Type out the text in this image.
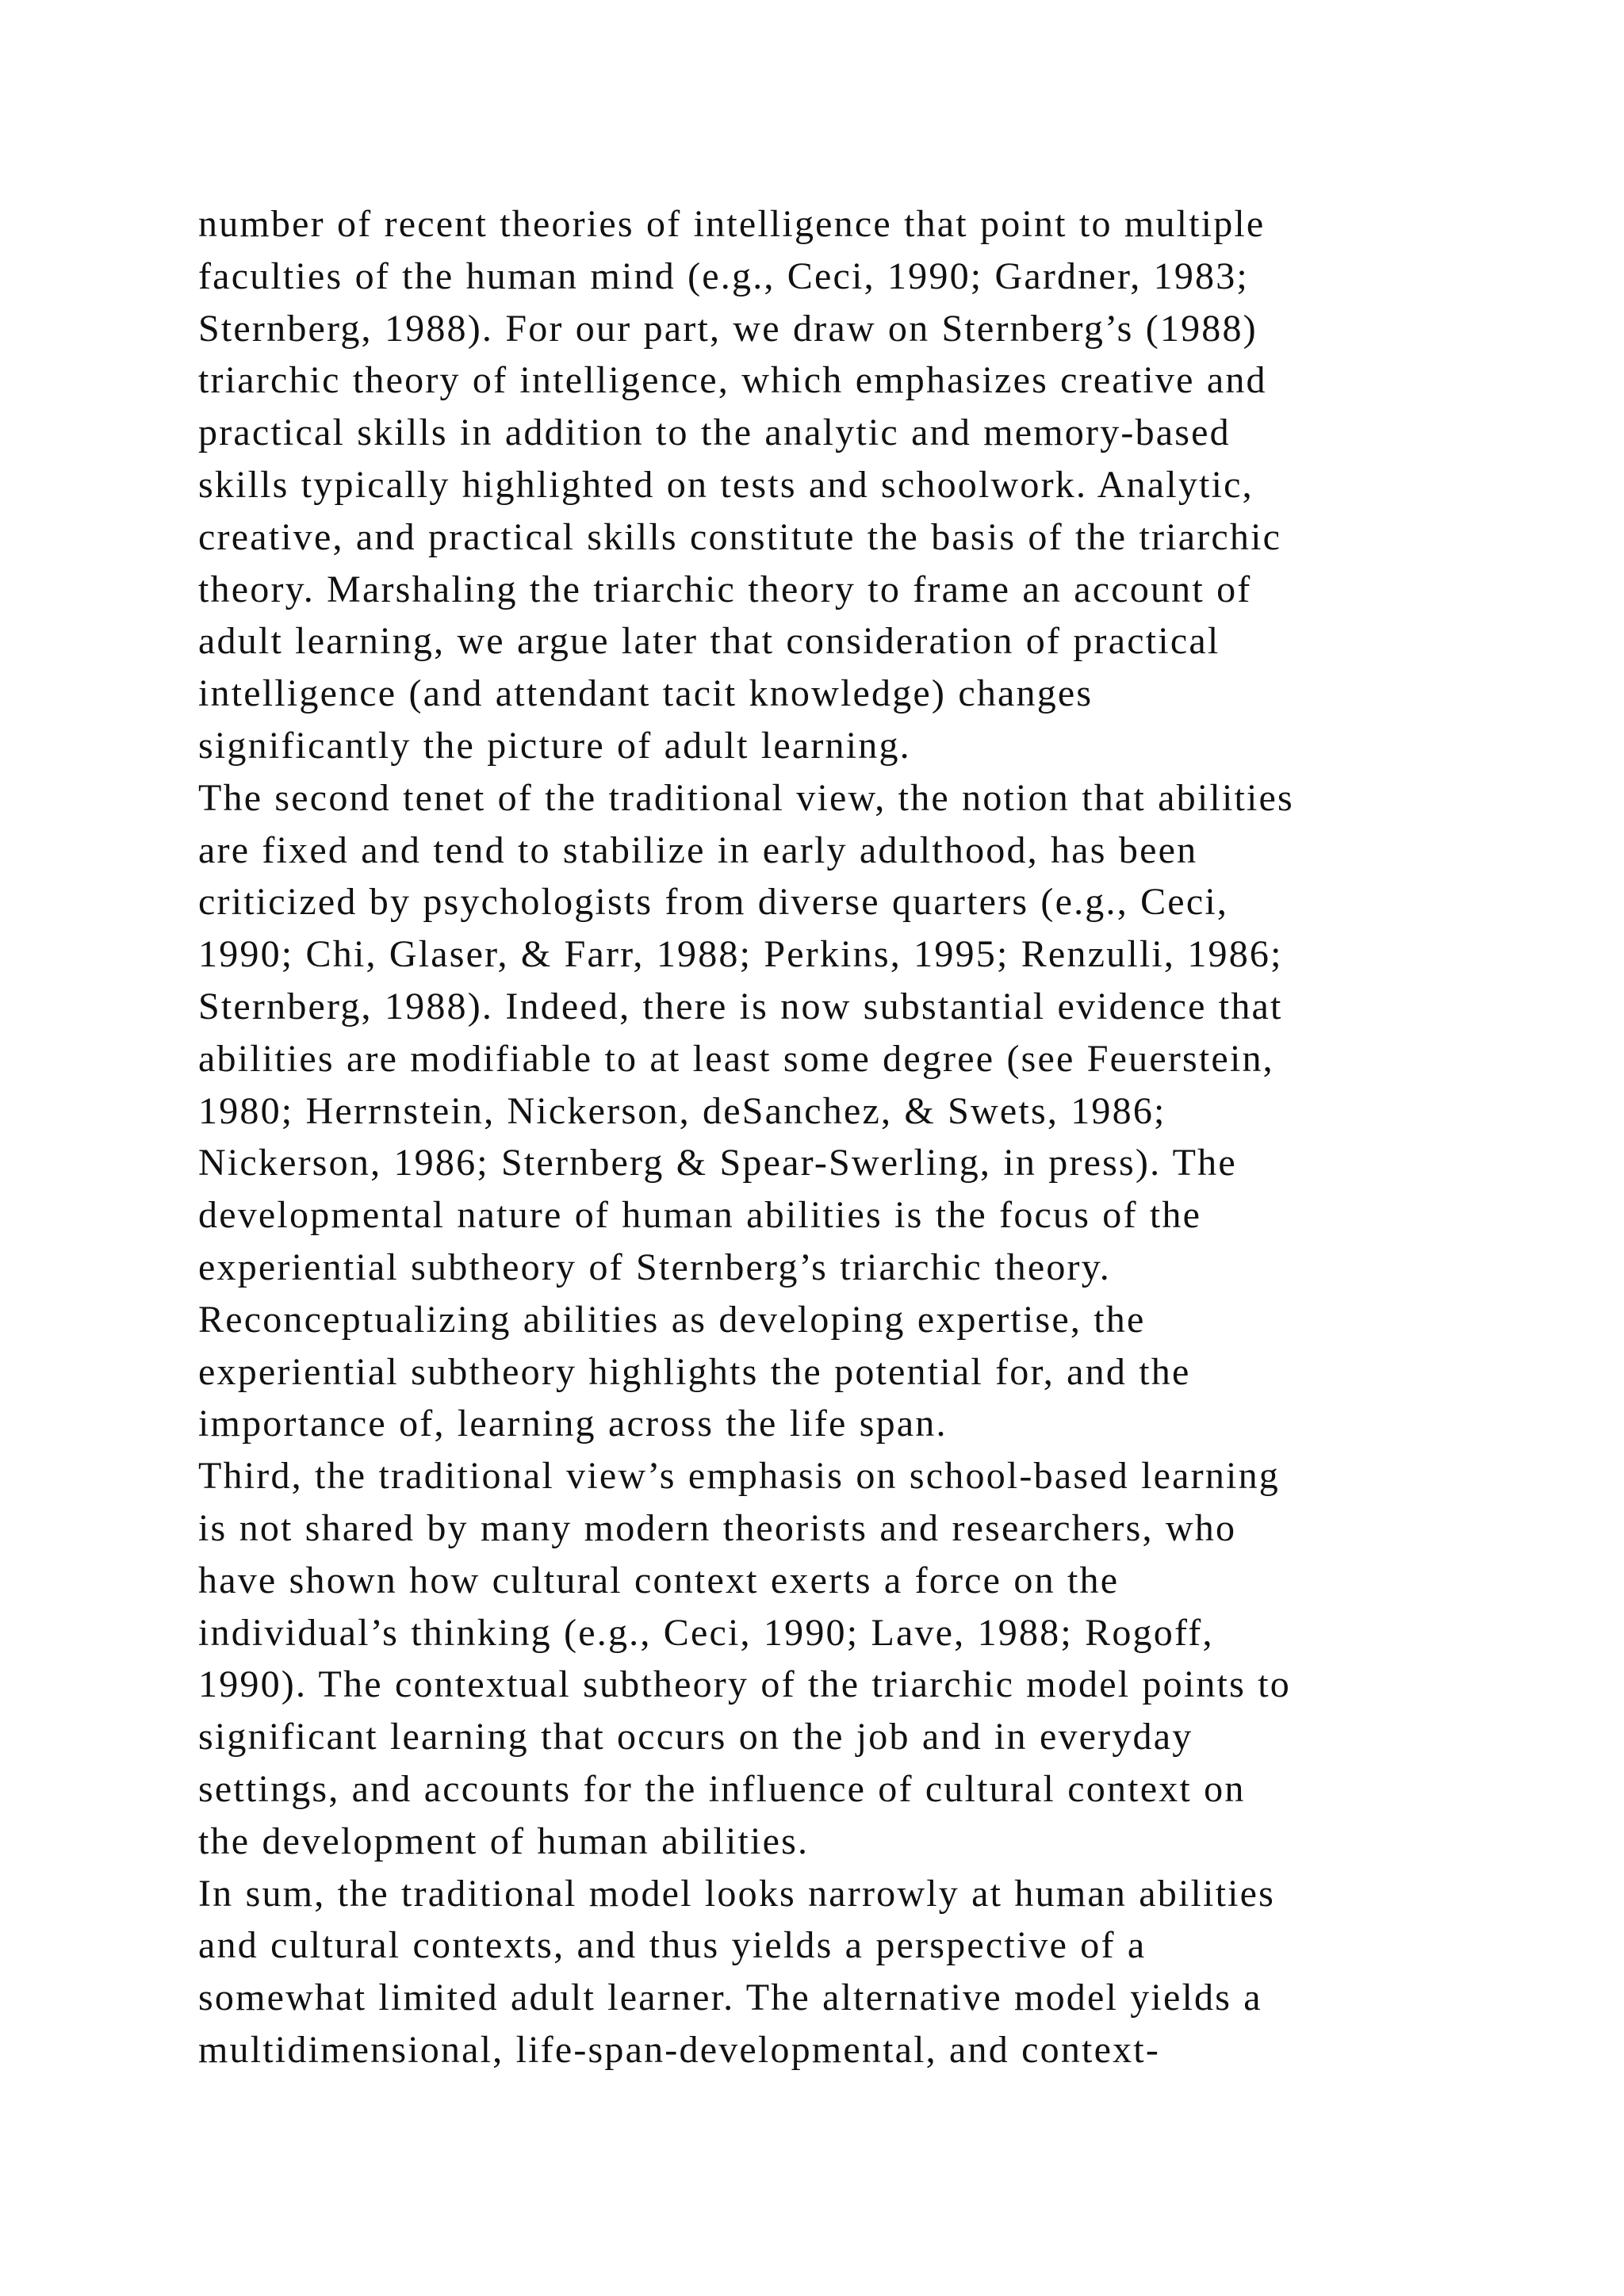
number of recent theories of intelligence that point to multiple
faculties of the human mind (e.g., Ceci, 1990; Gardner, 1983;
Sternberg, 1988). For our part, we draw on Sternberg’s (1988)
triarchic theory of intelligence, which emphasizes creative and
practical skills in addition to the analytic and memory-based
skills typically highlighted on tests and schoolwork. Analytic,
creative, and practical skills constitute the basis of the triarchic
theory. Marshaling the triarchic theory to frame an account of
adult learning, we argue later that consideration of practical
intelligence (and attendant tacit knowledge) changes
significantly the picture of adult learning.
The second tenet of the traditional view, the notion that abilities
are fixed and tend to stabilize in early adulthood, has been
criticized by psychologists from diverse quarters (e.g., Ceci,
1990; Chi, Glaser, & Farr, 1988; Perkins, 1995; Renzulli, 1986;
Sternberg, 1988). Indeed, there is now substantial evidence that
abilities are modifiable to at least some degree (see Feuerstein,
1980; Herrnstein, Nickerson, deSanchez, & Swets, 1986;
Nickerson, 1986; Sternberg & Spear-Swerling, in press). The
developmental nature of human abilities is the focus of the
experiential subtheory of Sternberg’s triarchic theory.
Reconceptualizing abilities as developing expertise, the
experiential subtheory highlights the potential for, and the
importance of, learning across the life span.
Third, the traditional view’s emphasis on school-based learning
is not shared by many modern theorists and researchers, who
have shown how cultural context exerts a force on the
individual’s thinking (e.g., Ceci, 1990; Lave, 1988; Rogoff,
1990). The contextual subtheory of the triarchic model points to
significant learning that occurs on the job and in everyday
settings, and accounts for the influence of cultural context on
the development of human abilities.
In sum, the traditional model looks narrowly at human abilities
and cultural contexts, and thus yields a perspective of a
somewhat limited adult learner. The alternative model yields a
multidimensional, life-span-developmental, and context-
